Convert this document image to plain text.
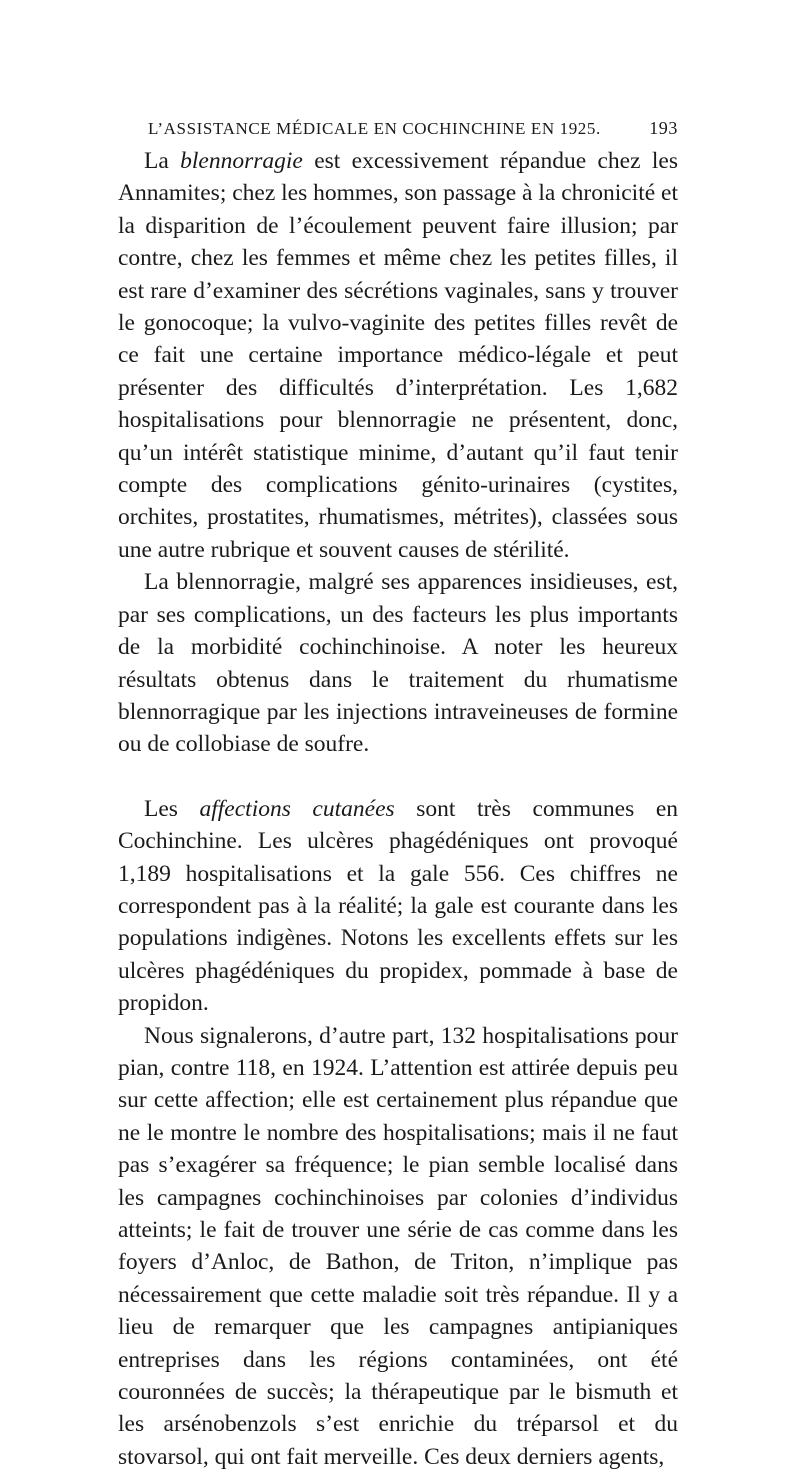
L’ASSISTANCE MÉDICALE EN COCHINCHINE EN 1925.	193

La blennorragie est excessivement répandue chez les Annamites; chez les hommes, son passage à la chronicité et la disparition de l’écoulement peuvent faire illusion; par contre, chez les femmes et même chez les petites filles, il est rare d’examiner des sécrétions vaginales, sans y trouver le gonocoque; la vulvo-vaginite des petites filles revêt de ce fait une certaine importance médico-légale et peut présenter des difficultés d’interprétation. Les 1,682 hospitalisations pour blennorragie ne présentent, donc, qu’un intérêt statistique minime, d’autant qu’il faut tenir compte des complications génito-urinaires (cystites, orchites, prostatites, rhumatismes, métrites), classées sous une autre rubrique et souvent causes de stérilité.

La blennorragie, malgré ses apparences insidieuses, est, par ses complications, un des facteurs les plus importants de la morbidité cochinchinoise. A noter les heureux résultats obtenus dans le traitement du rhumatisme blennorragique par les injections intraveineuses de formine ou de collobiase de soufre.

Les affections cutanées sont très communes en Cochinchine. Les ulcères phagédéniques ont provoqué 1,189 hospitalisations et la gale 556. Ces chiffres ne correspondent pas à la réalité; la gale est courante dans les populations indigènes. Notons les excellents effets sur les ulcères phagédéniques du propidex, pommade à base de propidon.

Nous signalerons, d’autre part, 132 hospitalisations pour pian, contre 118, en 1924. L’attention est attirée depuis peu sur cette affection; elle est certainement plus répandue que ne le montre le nombre des hospitalisations; mais il ne faut pas s’exagérer sa fréquence; le pian semble localisé dans les campagnes cochinchinoises par colonies d’individus atteints; le fait de trouver une série de cas comme dans les foyers d’Anloc, de Bathon, de Triton, n’implique pas nécessairement que cette maladie soit très répandue. Il y a lieu de remarquer que les campagnes antipianiques entreprises dans les régions contaminées, ont été couronnées de succès; la thérapeutique par le bismuth et les arsénobenzols s’est enrichie du tréparsol et du stovarsol, qui ont fait merveille. Ces deux derniers agents,
